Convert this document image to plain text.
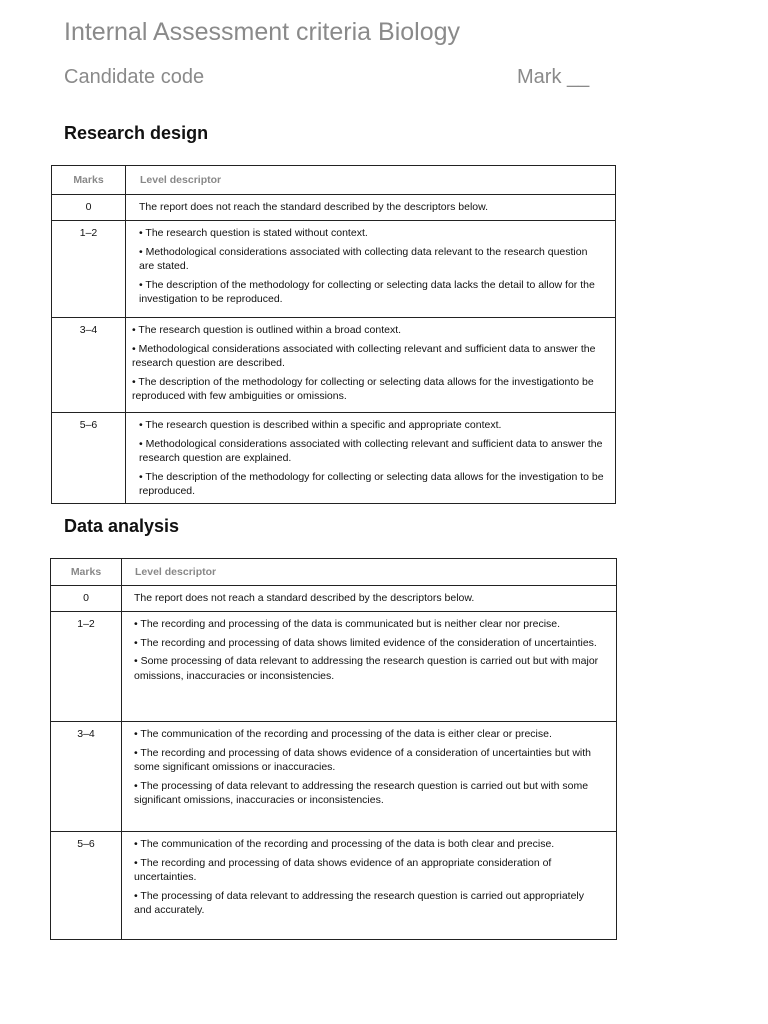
Internal Assessment criteria Biology
Candidate code	Mark __
Research design
Marks	Level descriptor
0	The report does not reach the standard described by the descriptors below.

1–2	• The research question is stated without context.

• Methodological considerations associated with collecting data relevant to the research question are stated.

• The description of the methodology for collecting or selecting data lacks the detail to allow for the investigation to be reproduced.

3–4	• The research question is outlined within a broad context.

• Methodological considerations associated with collecting relevant and sufficient data to answer the research question are described.

• The description of the methodology for collecting or selecting data allows for the investigationto be reproduced with few ambiguities or omissions.

5–6	• The research question is described within a specific and appropriate context.

• Methodological considerations associated with collecting relevant and sufficient data to answer the research question are explained.

• The description of the methodology for collecting or selecting data allows for the investigation to be reproduced.

Data analysis
Marks	Level descriptor
0	The report does not reach a standard described by the descriptors below.

1–2	• The recording and processing of the data is communicated but is neither clear nor precise.

• The recording and processing of data shows limited evidence of the consideration of uncertainties.

• Some processing of data relevant to addressing the research question is carried out but with major omissions, inaccuracies or inconsistencies.

3–4	• The communication of the recording and processing of the data is either clear or precise.

• The recording and processing of data shows evidence of a consideration of uncertainties but with some significant omissions or inaccuracies.

• The processing of data relevant to addressing the research question is carried out but with some significant omissions, inaccuracies or inconsistencies.

5–6	• The communication of the recording and processing of the data is both clear and precise.

• The recording and processing of data shows evidence of an appropriate consideration of uncertainties.

• The processing of data relevant to addressing the research question is carried out appropriately and accurately.
